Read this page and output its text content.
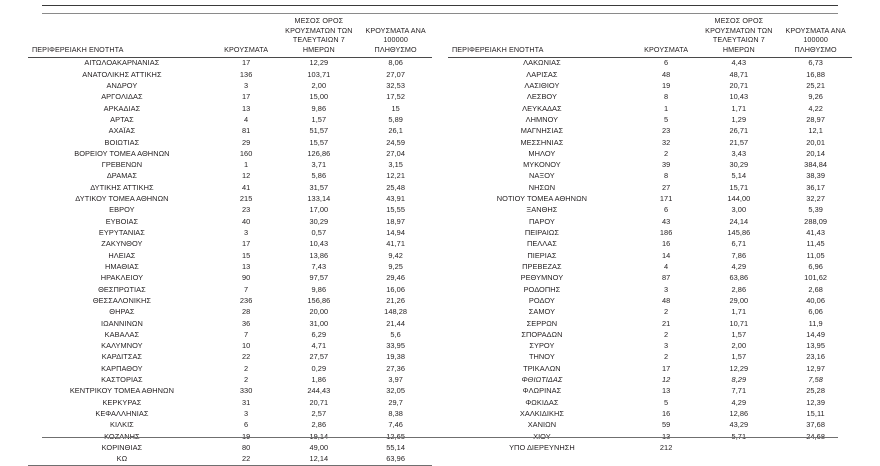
ΠΕΡΙΦΕΡΕΙΑΚΗ ΕΝΟΤΗΤΑ	ΚΡΟΥΣΜΑΤΑ	ΜΕΣΟΣ ΟΡΟΣ
ΚΡΟΥΣΜΑΤΩΝ ΤΩΝ
ΤΕΛΕΥΤΑΙΩΝ 7 ΗΜΕΡΩΝ	ΚΡΟΥΣΜΑΤΑ ΑΝΑ 100000
ΠΛΗΘΥΣΜΟ
ΑΙΤΩΛΟΑΚΑΡΝΑΝΙΑΣ	17	12,29	8,06
ΑΝΑΤΟΛΙΚΗΣ ΑΤΤΙΚΗΣ	136	103,71	27,07
ΑΝΔΡΟΥ	3	2,00	32,53
ΑΡΓΟΛΙΔΑΣ	17	15,00	17,52
ΑΡΚΑΔΙΑΣ	13	9,86	15
ΑΡΤΑΣ	4	1,57	5,89
ΑΧΑΪΑΣ	81	51,57	26,1
ΒΟΙΩΤΙΑΣ	29	15,57	24,59
ΒΟΡΕΙΟΥ ΤΟΜΕΑ ΑΘΗΝΩΝ	160	126,86	27,04
ΓΡΕΒΕΝΩΝ	1	3,71	3,15
ΔΡΑΜΑΣ	12	5,86	12,21
ΔΥΤΙΚΗΣ ΑΤΤΙΚΗΣ	41	31,57	25,48
ΔΥΤΙΚΟΥ ΤΟΜΕΑ ΑΘΗΝΩΝ	215	133,14	43,91
ΕΒΡΟΥ	23	17,00	15,55
ΕΥΒΟΙΑΣ	40	30,29	18,97
ΕΥΡΥΤΑΝΙΑΣ	3	0,57	14,94
ΖΑΚΥΝΘΟΥ	17	10,43	41,71
ΗΛΕΙΑΣ	15	13,86	9,42
ΗΜΑΘΙΑΣ	13	7,43	9,25
ΗΡΑΚΛΕΙΟΥ	90	97,57	29,46
ΘΕΣΠΡΩΤΙΑΣ	7	9,86	16,06
ΘΕΣΣΑΛΟΝΙΚΗΣ	236	156,86	21,26
ΘΗΡΑΣ	28	20,00	148,28
ΙΩΑΝΝΙΝΩΝ	36	31,00	21,44
ΚΑΒΑΛΑΣ	7	6,29	5,6
ΚΑΛΥΜΝΟΥ	10	4,71	33,95
ΚΑΡΔΙΤΣΑΣ	22	27,57	19,38
ΚΑΡΠΑΘΟΥ	2	0,29	27,36
ΚΑΣΤΟΡΙΑΣ	2	1,86	3,97
ΚΕΝΤΡΙΚΟΥ ΤΟΜΕΑ ΑΘΗΝΩΝ	330	244,43	32,05
ΚΕΡΚΥΡΑΣ	31	20,71	29,7
ΚΕΦΑΛΛΗΝΙΑΣ	3	2,57	8,38
ΚΙΛΚΙΣ	6	2,86	7,46
ΚΟΖΑΝΗΣ	19	19,14	12,65
ΚΟΡΙΝΘΙΑΣ	80	49,00	55,14
ΚΩ	22	12,14	63,96
ΠΕΡΙΦΕΡΕΙΑΚΗ ΕΝΟΤΗΤΑ	ΚΡΟΥΣΜΑΤΑ	ΜΕΣΟΣ ΟΡΟΣ
ΚΡΟΥΣΜΑΤΩΝ ΤΩΝ
ΤΕΛΕΥΤΑΙΩΝ 7 ΗΜΕΡΩΝ	ΚΡΟΥΣΜΑΤΑ ΑΝΑ 100000
ΠΛΗΘΥΣΜΟ
ΛΑΚΩΝΙΑΣ	6	4,43	6,73
ΛΑΡΙΣΑΣ	48	48,71	16,88
ΛΑΣΙΘΙΟΥ	19	20,71	25,21
ΛΕΣΒΟΥ	8	10,43	9,26
ΛΕΥΚΑΔΑΣ	1	1,71	4,22
ΛΗΜΝΟΥ	5	1,29	28,97
ΜΑΓΝΗΣΙΑΣ	23	26,71	12,1
ΜΕΣΣΗΝΙΑΣ	32	21,57	20,01
ΜΗΛΟΥ	2	3,43	20,14
ΜΥΚΟΝΟΥ	39	30,29	384,84
ΝΑΞΟΥ	8	5,14	38,39
ΝΗΣΩΝ	27	15,71	36,17
ΝΟΤΙΟΥ ΤΟΜΕΑ ΑΘΗΝΩΝ	171	144,00	32,27
ΞΑΝΘΗΣ	6	3,00	5,39
ΠΑΡΟΥ	43	24,14	288,09
ΠΕΙΡΑΙΩΣ	186	145,86	41,43
ΠΕΛΛΑΣ	16	6,71	11,45
ΠΙΕΡΙΑΣ	14	7,86	11,05
ΠΡΕΒΕΖΑΣ	4	4,29	6,96
ΡΕΘΥΜΝΟΥ	87	63,86	101,62
ΡΟΔΟΠΗΣ	3	2,86	2,68
ΡΟΔΟΥ	48	29,00	40,06
ΣΑΜΟΥ	2	1,71	6,06
ΣΕΡΡΩΝ	21	10,71	11,9
ΣΠΟΡΑΔΩΝ	2	1,57	14,49
ΣΥΡΟΥ	3	2,00	13,95
ΤΗΝΟΥ	2	1,57	23,16
ΤΡΙΚΑΛΩΝ	17	12,29	12,97
ΦΘΙΩΤΙΔΑΣ	12	8,29	7,58
ΦΛΩΡΙΝΑΣ	13	7,71	25,28
ΦΩΚΙΔΑΣ	5	4,29	12,39
ΧΑΛΚΙΔΙΚΗΣ	16	12,86	15,11
ΧΑΝΙΩΝ	59	43,29	37,68
ΧΙΟΥ	13	5,71	24,68
ΥΠΟ ΔΙΕΡΕΥΝΗΣΗ	212		
